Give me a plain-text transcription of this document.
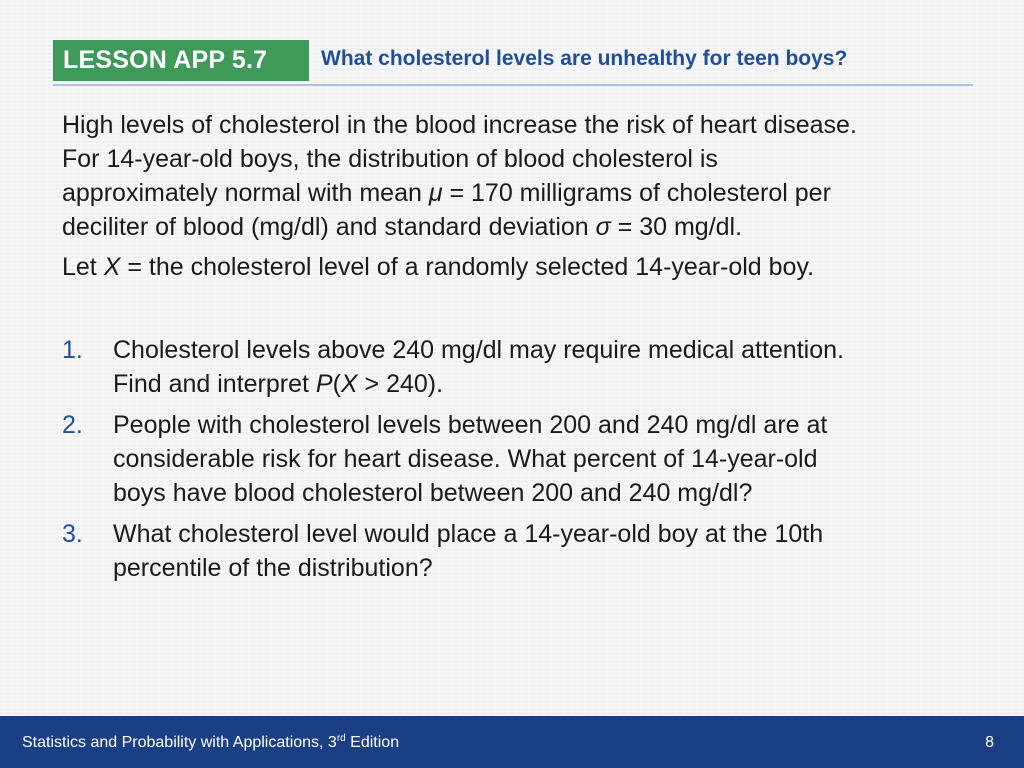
LESSON APP 5.7	What cholesterol levels are unhealthy for teen boys?

High levels of cholesterol in the blood increase the risk of heart disease.
For 14-year-old boys, the distribution of blood cholesterol is
approximately normal with mean μ = 170 milligrams of cholesterol per
deciliter of blood (mg/dl) and standard deviation σ = 30 mg/dl.

Let X = the cholesterol level of a randomly selected 14-year-old boy.

1. Cholesterol levels above 240 mg/dl may require medical attention.
Find and interpret P(X > 240).
2. People with cholesterol levels between 200 and 240 mg/dl are at
considerable risk for heart disease. What percent of 14-year-old
boys have blood cholesterol between 200 and 240 mg/dl?
3. What cholesterol level would place a 14-year-old boy at the 10th
percentile of the distribution?
Statistics and Probability with Applications, 3rd Edition	8
